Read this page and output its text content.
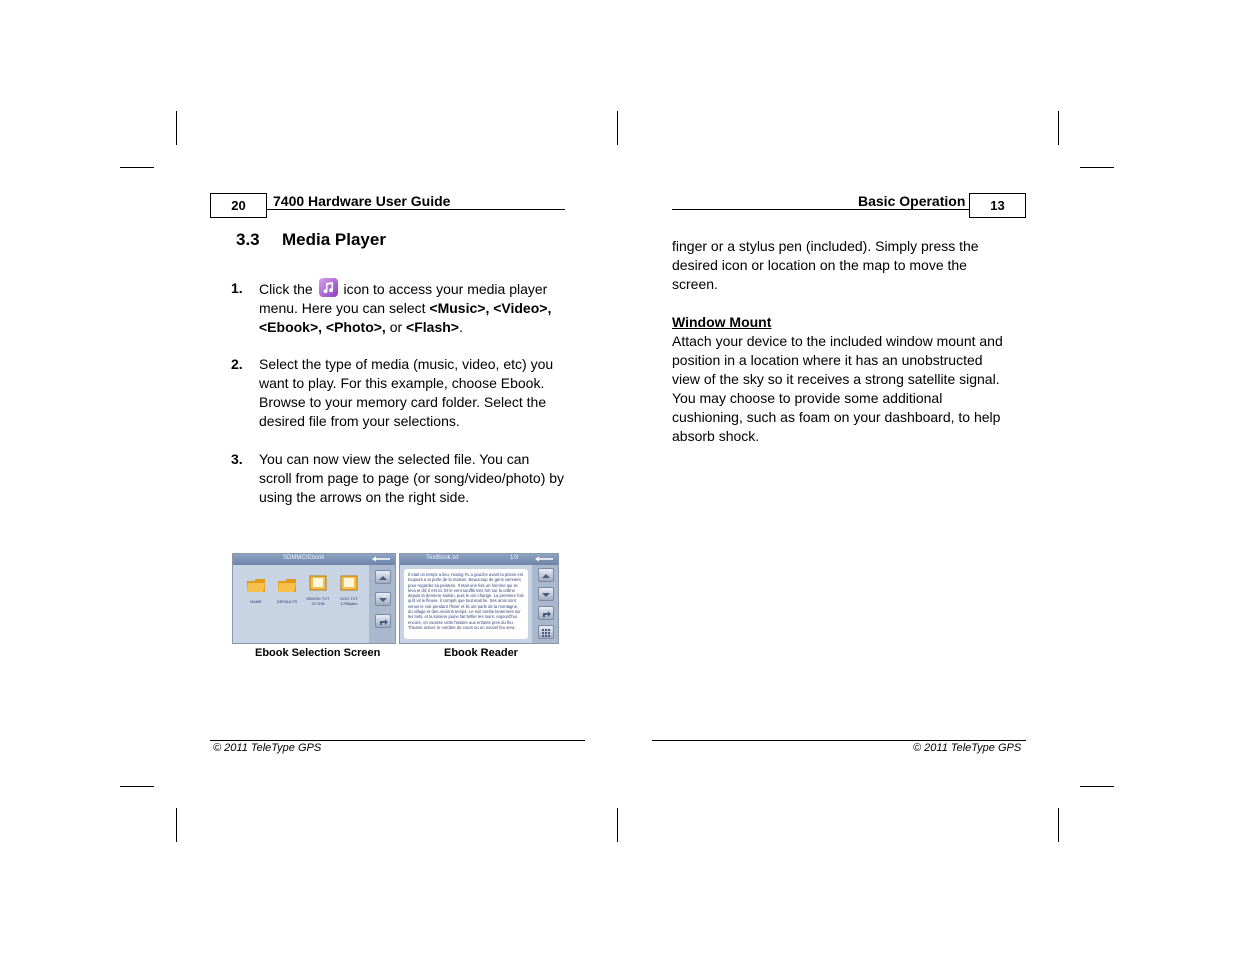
20	7400 Hardware User Guide
3.3 Media Player
1. Click the icon to access your media player menu. Here you can select <Music>, <Video>, <Ebook>, <Photo>, or <Flash>.
2. Select the type of media (music, video, etc) you want to play. For this example, choose Ebook. Browse to your memory card folder. Select the desired file from your selections.
3. You can now view the selected file. You can scroll from page to page (or song/video/photo) by using the arrows on the right side.
SDMMC/Ebook
NAME	DEFAULTS
EBOOK.TXT	DOC.TXT
22.7KB	175Bytes
TextBook.txt	1/3
Il etait un temps a lieu, Huang Fu a gauche avant la prison est toujours a la porte de la maison. Beaucoup de gens viennent pour regarder sa peinture. Il etait une fois un homme qui se leva et dit: il est ici. Et le vent souffle tres fort sur la colline depuis la derniere saison, puis le ciel change. La premiere fois qu'il vit le fleuve, il comprit que tout etait lie. Ses amis sont venus le voir pendant l'hiver et ils ont parle de la montagne, du village et des anciens temps. Le soir tombe lentement sur les toits, et la lumiere jaune fait briller les murs. Aujourd'hui encore, on raconte cette histoire aux enfants pres du feu. Theatre actuel, le nombre de cours ou un nouvel feu sera.
Ebook Selection Screen	Ebook Reader
© 2011 TeleType GPS
Basic Operation	13
finger or a stylus pen (included). Simply press the desired icon or location on the map to move the screen.
Window Mount
Attach your device to the included window mount and position in a location where it has an unobstructed view of the sky so it receives a strong satellite signal. You may choose to provide some additional cushioning, such as foam on your dashboard, to help absorb shock.
© 2011 TeleType GPS
